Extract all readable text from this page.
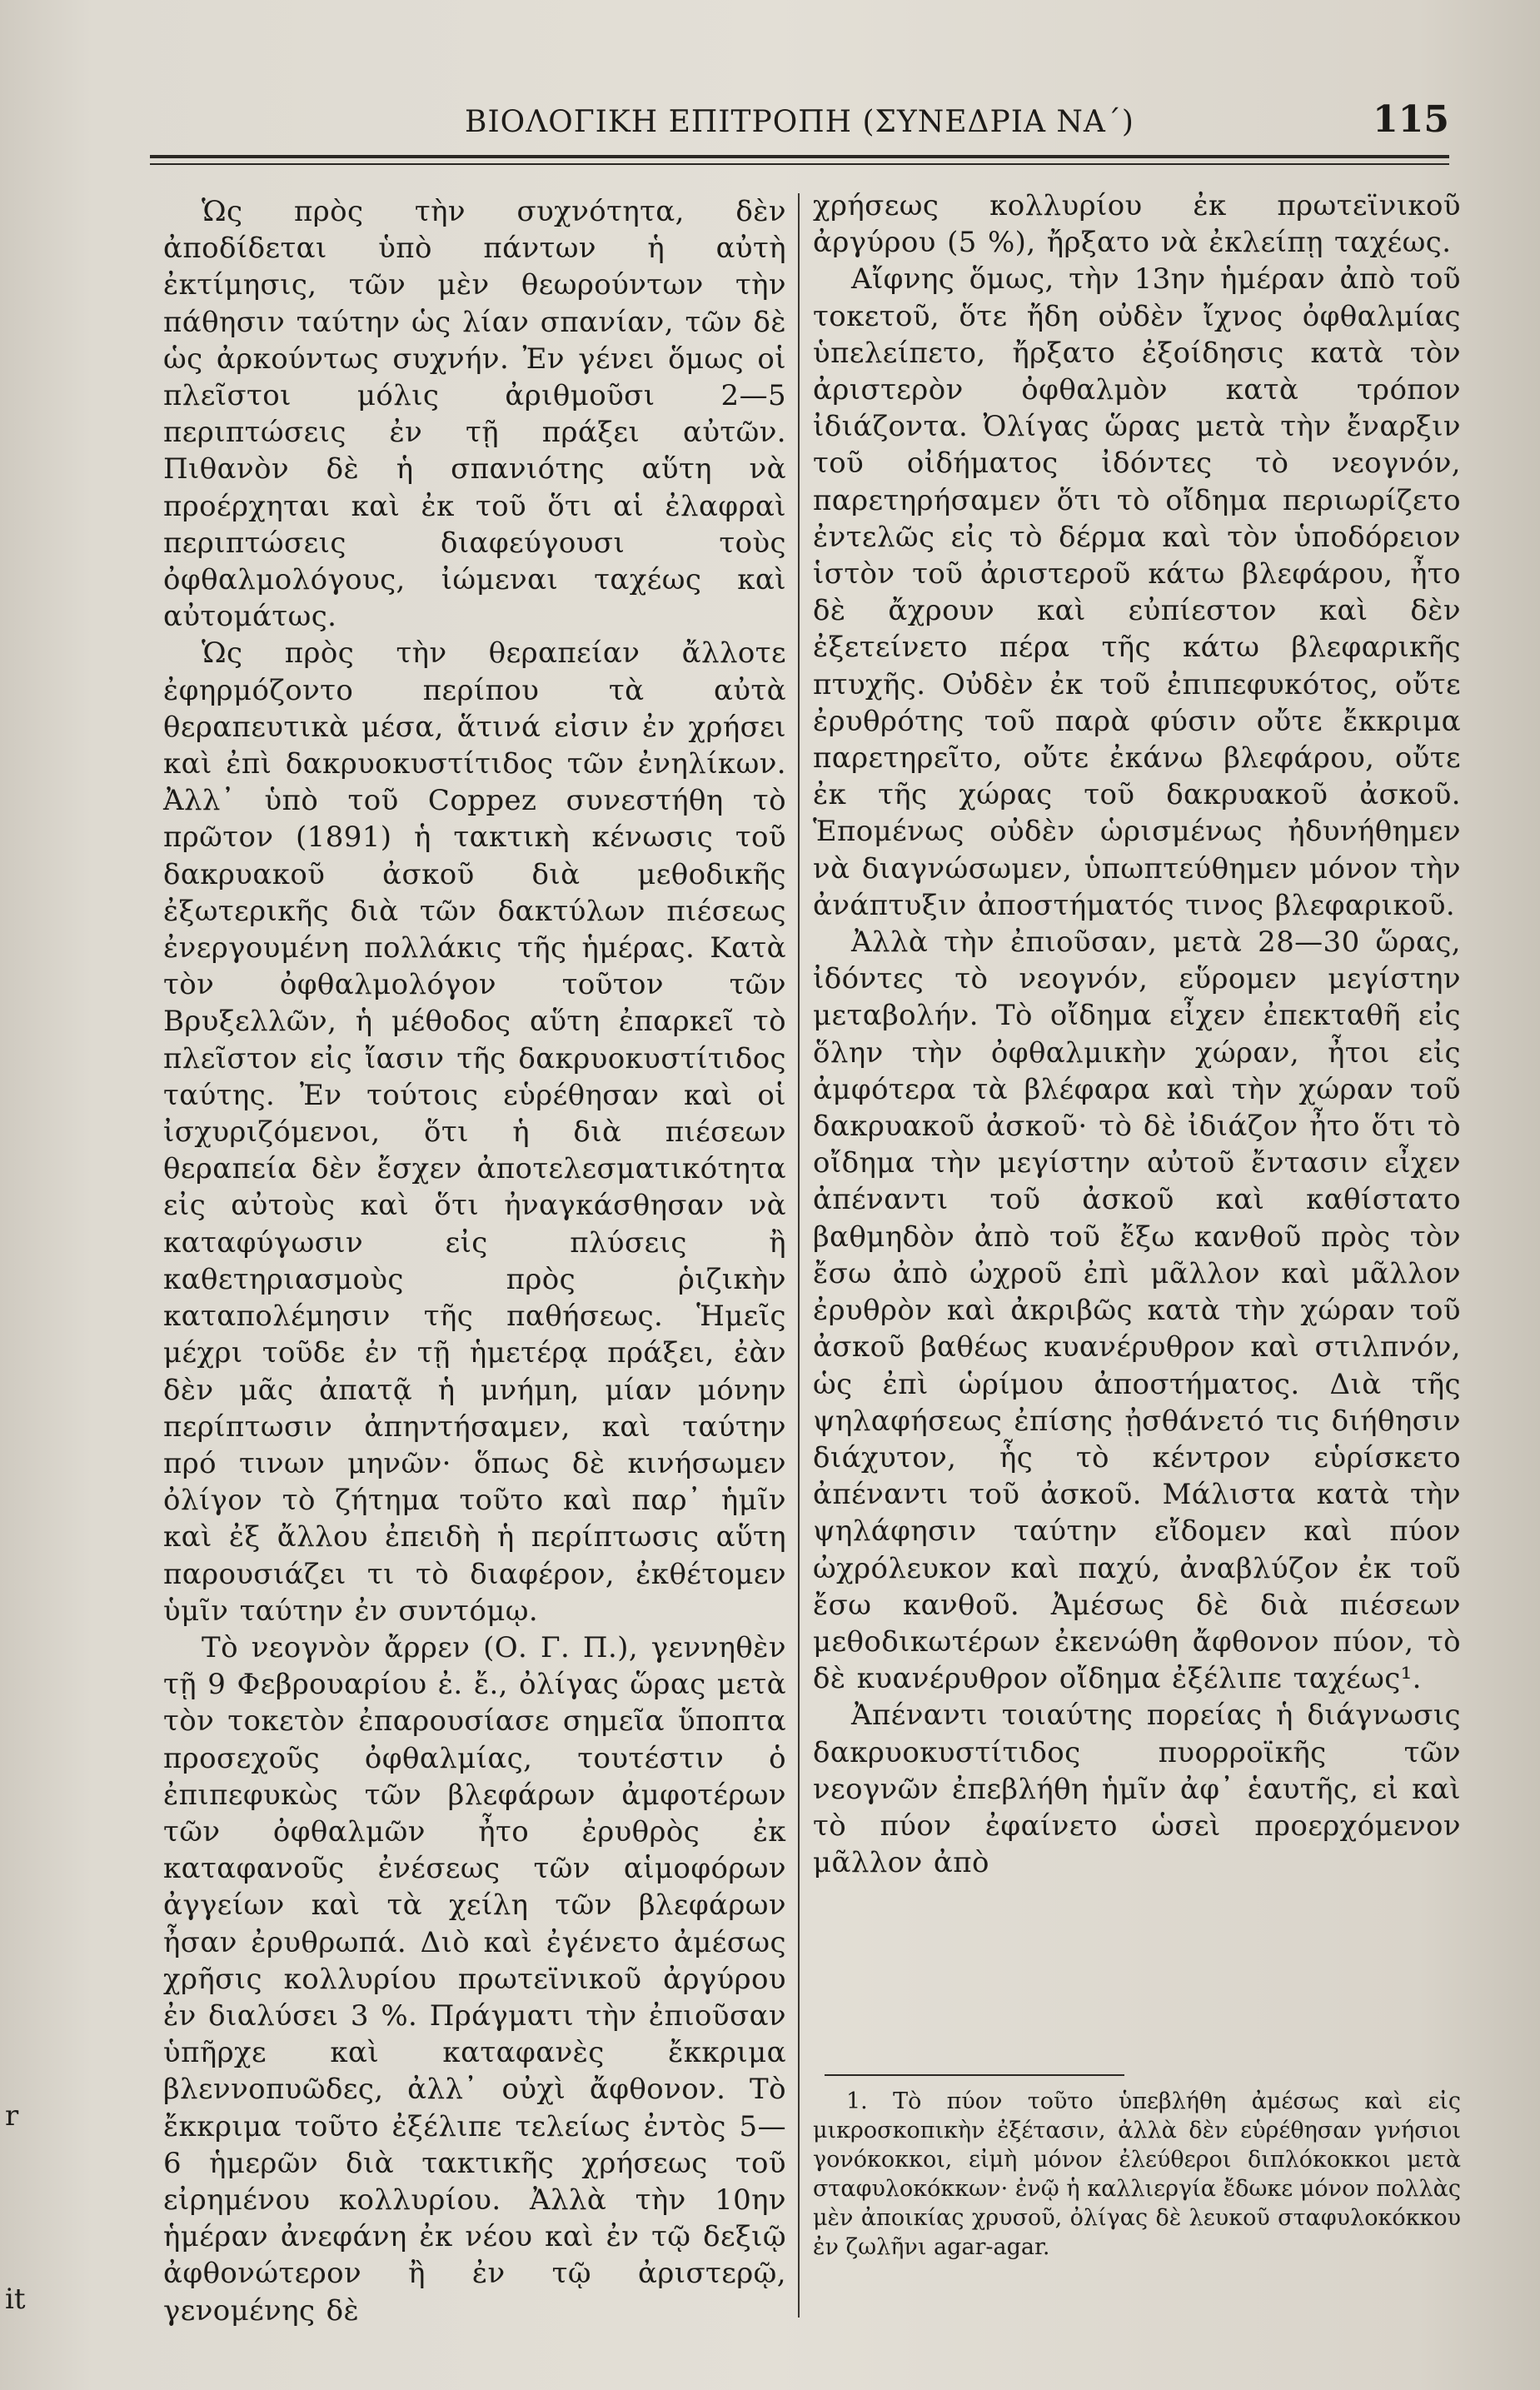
ΒΙΟΛΟΓΙΚΗ ΕΠΙΤΡΟΠΗ (ΣΥΝΕΔΡΙΑ ΝΑ΄)	115

Ὡς πρὸς τὴν συχνότητα, δὲν ἀποδίδεται ὑπὸ πάντων ἡ αὐτὴ ἐκτίμησις, τῶν μὲν θεωρούντων τὴν πάθησιν ταύτην ὡς λίαν σπανίαν, τῶν δὲ ὡς ἀρκούντως συχνήν. Ἐν γένει ὅμως οἱ πλεῖστοι μόλις ἀριθμοῦσι 2—5 περιπτώσεις ἐν τῇ πράξει αὐτῶν. Πιθανὸν δὲ ἡ σπανιότης αὕτη νὰ προέρχηται καὶ ἐκ τοῦ ὅτι αἱ ἐλαφραὶ περιπτώσεις διαφεύγουσι τοὺς ὀφθαλμολόγους, ἰώμεναι ταχέως καὶ αὐτομάτως.

Ὡς πρὸς τὴν θεραπείαν ἄλλοτε ἐφηρμόζοντο περίπου τὰ αὐτὰ θεραπευτικὰ μέσα, ἅτινά εἰσιν ἐν χρήσει καὶ ἐπὶ δακρυοκυστίτιδος τῶν ἐνηλίκων. Ἀλλ᾽ ὑπὸ τοῦ Coppez συνεστήθη τὸ πρῶτον (1891) ἡ τακτικὴ κένωσις τοῦ δακρυακοῦ ἀσκοῦ διὰ μεθοδικῆς ἐξωτερικῆς διὰ τῶν δακτύλων πιέσεως ἐνεργουμένη πολλάκις τῆς ἡμέρας. Κατὰ τὸν ὀφθαλμολόγον τοῦτον τῶν Βρυξελλῶν, ἡ μέθοδος αὕτη ἐπαρκεῖ τὸ πλεῖστον εἰς ἴασιν τῆς δακρυοκυστίτιδος ταύτης. Ἐν τούτοις εὑρέθησαν καὶ οἱ ἰσχυριζόμενοι, ὅτι ἡ διὰ πιέσεων θεραπεία δὲν ἔσχεν ἀποτελεσματικότητα εἰς αὐτοὺς καὶ ὅτι ἠναγκάσθησαν νὰ καταφύγωσιν εἰς πλύσεις ἢ καθετηριασμοὺς πρὸς ῥιζικὴν καταπολέμησιν τῆς παθήσεως. Ἡμεῖς μέχρι τοῦδε ἐν τῇ ἡμετέρᾳ πράξει, ἐὰν δὲν μᾶς ἀπατᾷ ἡ μνήμη, μίαν μόνην περίπτωσιν ἀπηντήσαμεν, καὶ ταύτην πρό τινων μηνῶν· ὅπως δὲ κινήσωμεν ὀλίγον τὸ ζήτημα τοῦτο καὶ παρ᾽ ἡμῖν καὶ ἐξ ἄλλου ἐπειδὴ ἡ περίπτωσις αὕτη παρουσιάζει τι τὸ διαφέρον, ἐκθέτομεν ὑμῖν ταύτην ἐν συντόμῳ.

Τὸ νεογνὸν ἄρρεν (Ο. Γ. Π.), γεννηθὲν τῇ 9 Φεβρουαρίου ἐ. ἔ., ὀλίγας ὥρας μετὰ τὸν τοκετὸν ἐπαρουσίασε σημεῖα ὕποπτα προσεχοῦς ὀφθαλμίας, τουτέστιν ὁ ἐπιπεφυκὼς τῶν βλεφάρων ἀμφοτέρων τῶν ὀφθαλμῶν ἦτο ἐρυθρὸς ἐκ καταφανοῦς ἐνέσεως τῶν αἱμοφόρων ἀγγείων καὶ τὰ χείλη τῶν βλεφάρων ἦσαν ἐρυθρωπά. Διὸ καὶ ἐγένετο ἀμέσως χρῆσις κολλυρίου πρωτεϊνικοῦ ἀργύρου ἐν διαλύσει 3 %. Πράγματι τὴν ἐπιοῦσαν ὑπῆρχε καὶ καταφανὲς ἔκκριμα βλεννοπυῶδες, ἀλλ᾽ οὐχὶ ἄφθονον. Τὸ ἔκκριμα τοῦτο ἐξέλιπε τελείως ἐντὸς 5—6 ἡμερῶν διὰ τακτικῆς χρήσεως τοῦ εἰρημένου κολλυρίου. Ἀλλὰ τὴν 10ην ἡμέραν ἀνεφάνη ἐκ νέου καὶ ἐν τῷ δεξιῷ ἀφθονώτερον ἢ ἐν τῷ ἀριστερῷ, γενομένης δὲ

χρήσεως κολλυρίου ἐκ πρωτεϊνικοῦ ἀργύρου (5 %), ἤρξατο νὰ ἐκλείπῃ ταχέως.

Αἴφνης ὅμως, τὴν 13ην ἡμέραν ἀπὸ τοῦ τοκετοῦ, ὅτε ἤδη οὐδὲν ἴχνος ὀφθαλμίας ὑπελείπετο, ἤρξατο ἐξοίδησις κατὰ τὸν ἀριστερὸν ὀφθαλμὸν κατὰ τρόπον ἰδιάζοντα. Ὀλίγας ὥρας μετὰ τὴν ἔναρξιν τοῦ οἰδήματος ἰδόντες τὸ νεογνόν, παρετηρήσαμεν ὅτι τὸ οἴδημα περιωρίζετο ἐντελῶς εἰς τὸ δέρμα καὶ τὸν ὑποδόρειον ἱστὸν τοῦ ἀριστεροῦ κάτω βλεφάρου, ἦτο δὲ ἄχρουν καὶ εὐπίεστον καὶ δὲν ἐξετείνετο πέρα τῆς κάτω βλεφαρικῆς πτυχῆς. Οὐδὲν ἐκ τοῦ ἐπιπεφυκότος, οὔτε ἐρυθρότης τοῦ παρὰ φύσιν οὔτε ἔκκριμα παρετηρεῖτο, οὔτε ἐκάνω βλεφάρου, οὔτε ἐκ τῆς χώρας τοῦ δακρυακοῦ ἀσκοῦ. Ἑπομένως οὐδὲν ὡρισμένως ἠδυνήθημεν νὰ διαγνώσωμεν, ὑπωπτεύθημεν μόνον τὴν ἀνάπτυξιν ἀποστήματός τινος βλεφαρικοῦ.

Ἀλλὰ τὴν ἐπιοῦσαν, μετὰ 28—30 ὥρας, ἰδόντες τὸ νεογνόν, εὕρομεν μεγίστην μεταβολήν. Τὸ οἴδημα εἶχεν ἐπεκταθῆ εἰς ὅλην τὴν ὀφθαλμικὴν χώραν, ἦτοι εἰς ἀμφότερα τὰ βλέφαρα καὶ τὴν χώραν τοῦ δακρυακοῦ ἀσκοῦ· τὸ δὲ ἰδιάζον ἦτο ὅτι τὸ οἴδημα τὴν μεγίστην αὐτοῦ ἔντασιν εἶχεν ἀπέναντι τοῦ ἀσκοῦ καὶ καθίστατο βαθμηδὸν ἀπὸ τοῦ ἔξω κανθοῦ πρὸς τὸν ἔσω ἀπὸ ὠχροῦ ἐπὶ μᾶλλον καὶ μᾶλλον ἐρυθρὸν καὶ ἀκριβῶς κατὰ τὴν χώραν τοῦ ἀσκοῦ βαθέως κυανέρυθρον καὶ στιλπνόν, ὡς ἐπὶ ὡρίμου ἀποστήματος. Διὰ τῆς ψηλαφήσεως ἐπίσης ᾐσθάνετό τις διήθησιν διάχυτον, ἧς τὸ κέντρον εὑρίσκετο ἀπέναντι τοῦ ἀσκοῦ. Μάλιστα κατὰ τὴν ψηλάφησιν ταύτην εἴδομεν καὶ πύον ὠχρόλευκον καὶ παχύ, ἀναβλύζον ἐκ τοῦ ἔσω κανθοῦ. Ἀμέσως δὲ διὰ πιέσεων μεθοδικωτέρων ἐκενώθη ἄφθονον πύον, τὸ δὲ κυανέρυθρον οἴδημα ἐξέλιπε ταχέως¹.

Ἀπέναντι τοιαύτης πορείας ἡ διάγνωσις δακρυοκυστίτιδος πυορροϊκῆς τῶν νεογνῶν ἐπεβλήθη ἡμῖν ἀφ᾽ ἑαυτῆς, εἰ καὶ τὸ πύον ἐφαίνετο ὡσεὶ προερχόμενον μᾶλλον ἀπὸ

1. Τὸ πύον τοῦτο ὑπεβλήθη ἀμέσως καὶ εἰς μικροσκοπικὴν ἐξέτασιν, ἀλλὰ δὲν εὑρέθησαν γνήσιοι γονόκοκκοι, εἰμὴ μόνον ἐλεύθεροι διπλόκοκκοι μετὰ σταφυλοκόκκων· ἐνῷ ἡ καλλιεργία ἔδωκε μόνον πολλὰς μὲν ἀποικίας χρυσοῦ, ὀλίγας δὲ λευκοῦ σταφυλοκόκκου ἐν ζωλῆνι agar-agar.

r
it
